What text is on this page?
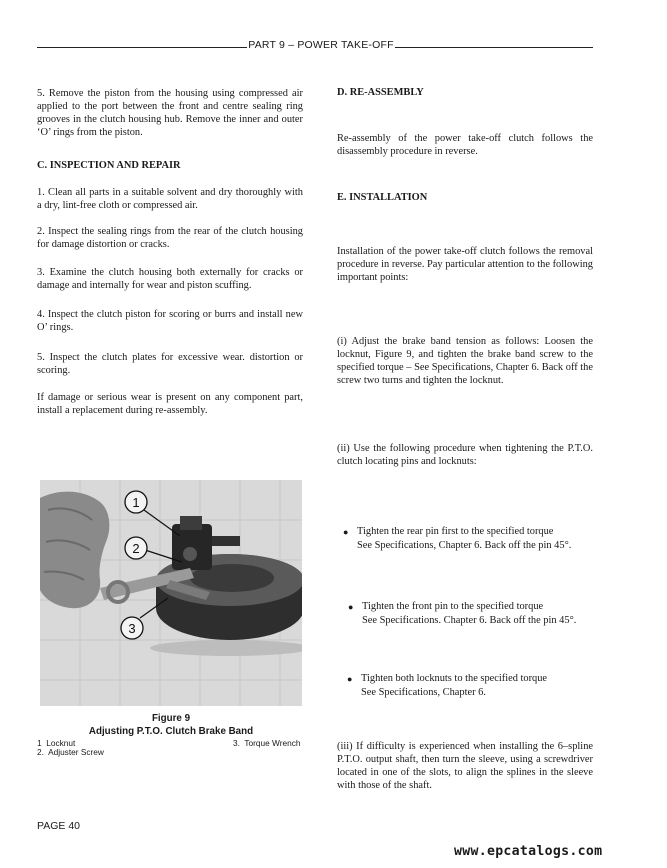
PART 9 – POWER TAKE-OFF

5. Remove the piston from the housing using compressed air applied to the port between the front and centre sealing ring grooves in the clutch housing hub. Remove the inner and outer ‘O’ rings from the piston.

C. INSPECTION AND REPAIR

1. Clean all parts in a suitable solvent and dry thoroughly with a dry, lint-free cloth or compressed air.

2. Inspect the sealing rings from the rear of the clutch housing for damage distortion or cracks.

3. Examine the clutch housing both externally for cracks or damage and internally for wear and piston scuffing.

4. Inspect the clutch piston for scoring or burrs and install new O’ rings.

5. Inspect the clutch plates for excessive wear. distortion or scoring.

If damage or serious wear is present on any component part, install a replacement during re-assembly.

1
2
3
Figure 9
Adjusting P.T.O. Clutch Brake Band
1  Locknut
2.  Adjuster Screw
3.  Torque Wrench
D. RE-ASSEMBLY

Re-assembly of the power take-off clutch follows the disassembly procedure in reverse.

E. INSTALLATION

Installation of the power take-off clutch follows the removal procedure in reverse. Pay particular attention to the following important points:

(i) Adjust the brake band tension as follows: Loosen the locknut, Figure 9, and tighten the brake band screw to the specified torque – See Specifications, Chapter 6. Back off the screw two turns and tighten the locknut.

(ii) Use the following procedure when tightening the P.T.O. clutch locating pins and locknuts:

● Tighten the rear pin first to the specified torque
See Specifications, Chapter 6. Back off the pin 45°.
● Tighten the front pin to the specified torque
See Specifications. Chapter 6. Back off the pin 45°.
● Tighten both locknuts to the specified torque
See Specifications, Chapter 6.

(iii) If difficulty is experienced when installing the 6–spline P.T.O. output shaft, then turn the sleeve, using a screwdriver located in one of the slots, to align the splines in the sleeve with those of the shaft.

PAGE 40
www.epcatalogs.com
